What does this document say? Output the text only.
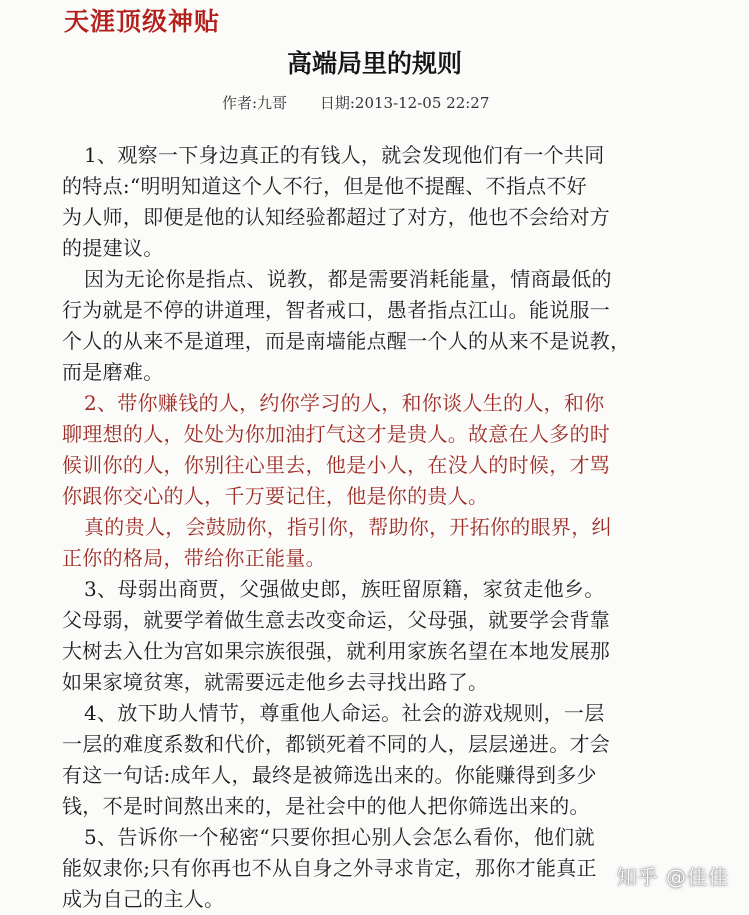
天涯顶级神贴
高端局里的规则
作者:九哥 日期:2013-12-05 22:27
1、观察一下身边真正的有钱人，就会发现他们有一个共同
的特点:“明明知道这个人不行，但是他不提醒、不指点不好
为人师，即便是他的认知经验都超过了对方，他也不会给对方
的提建议。
因为无论你是指点、说教，都是需要消耗能量，情商最低的
行为就是不停的讲道理，智者戒口，愚者指点江山。能说服一
个人的从来不是道理，而是南墙能点醒一个人的从来不是说教，
而是磨难。
2、带你赚钱的人，约你学习的人，和你谈人生的人，和你
聊理想的人，处处为你加油打气这才是贵人。故意在人多的时
候训你的人，你别往心里去，他是小人，在没人的时候，才骂
你跟你交心的人，千万要记住，他是你的贵人。
真的贵人，会鼓励你，指引你，帮助你，开拓你的眼界，纠
正你的格局，带给你正能量。
3、母弱出商贾，父强做史郎，族旺留原籍，家贫走他乡。
父母弱，就要学着做生意去改变命运，父母强，就要学会背靠
大树去入仕为宫如果宗族很强，就利用家族名望在本地发展那
如果家境贫寒，就需要远走他乡去寻找出路了。
4、放下助人情节，尊重他人命运。社会的游戏规则，一层
一层的难度系数和代价，都锁死着不同的人，层层递进。才会
有这一句话:成年人，最终是被筛选出来的。你能赚得到多少
钱，不是时间熬出来的，是社会中的他人把你筛选出来的。
5、告诉你一个秘密“只要你担心别人会怎么看你，他们就
能奴隶你;只有你再也不从自身之外寻求肯定，那你才能真正
成为自己的主人。
知乎 @佳佳
